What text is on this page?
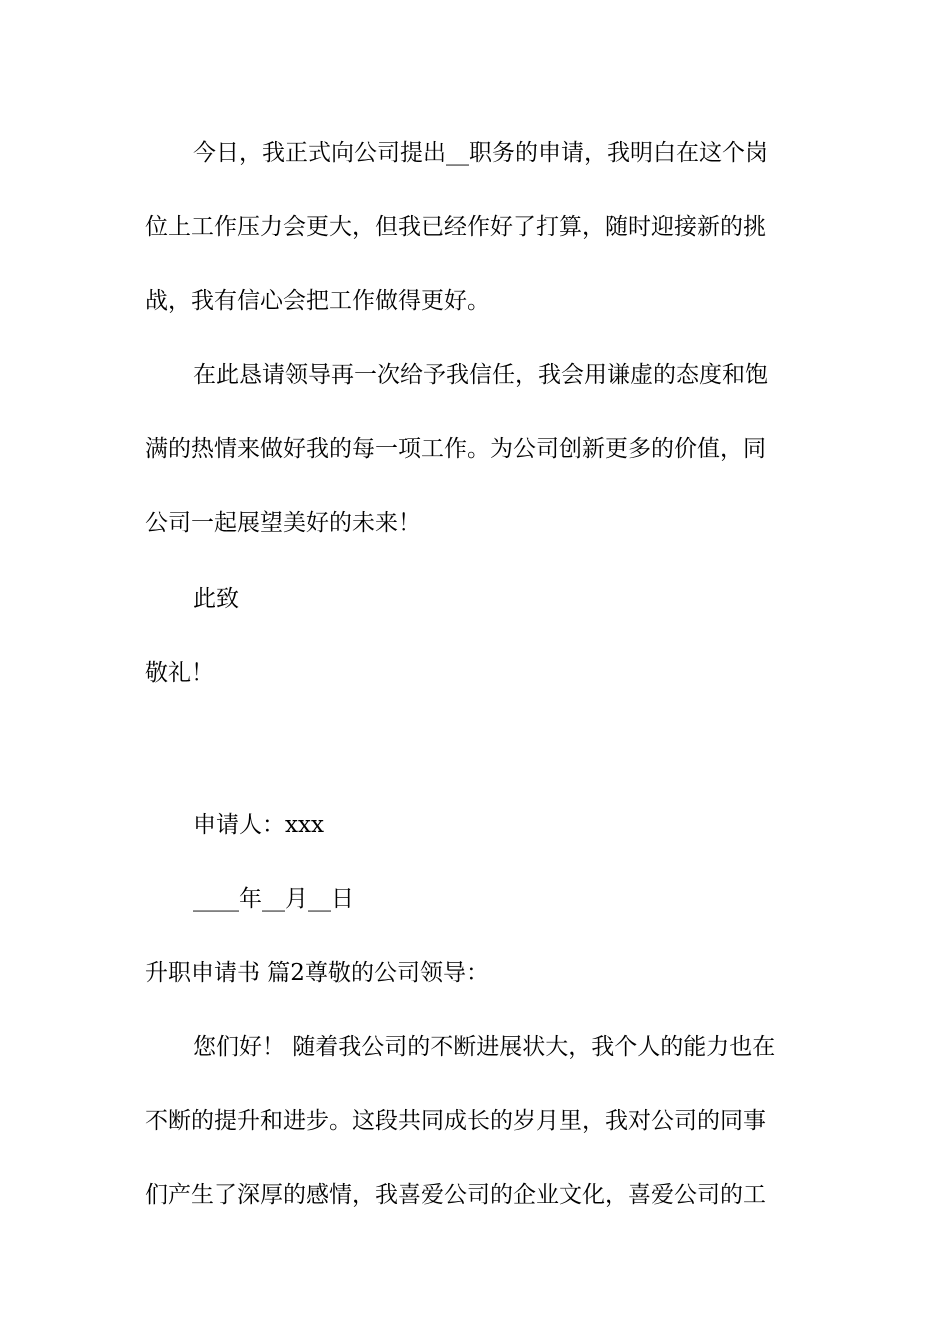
今日，我正式向公司提出__职务的申请，我明白在这个岗
位上工作压力会更大，但我已经作好了打算，随时迎接新的挑
战，我有信心会把工作做得更好。
在此恳请领导再一次给予我信任，我会用谦虚的态度和饱
满的热情来做好我的每一项工作。为公司创新更多的价值，同
公司一起展望美好的未来！
此致
敬礼！
申请人：xxx
____年__月__日
升职申请书 篇2尊敬的公司领导：
您们好！ 随着我公司的不断进展状大，我个人的能力也在
不断的提升和进步。这段共同成长的岁月里，我对公司的同事
们产生了深厚的感情，我喜爱公司的企业文化，喜爱公司的工
